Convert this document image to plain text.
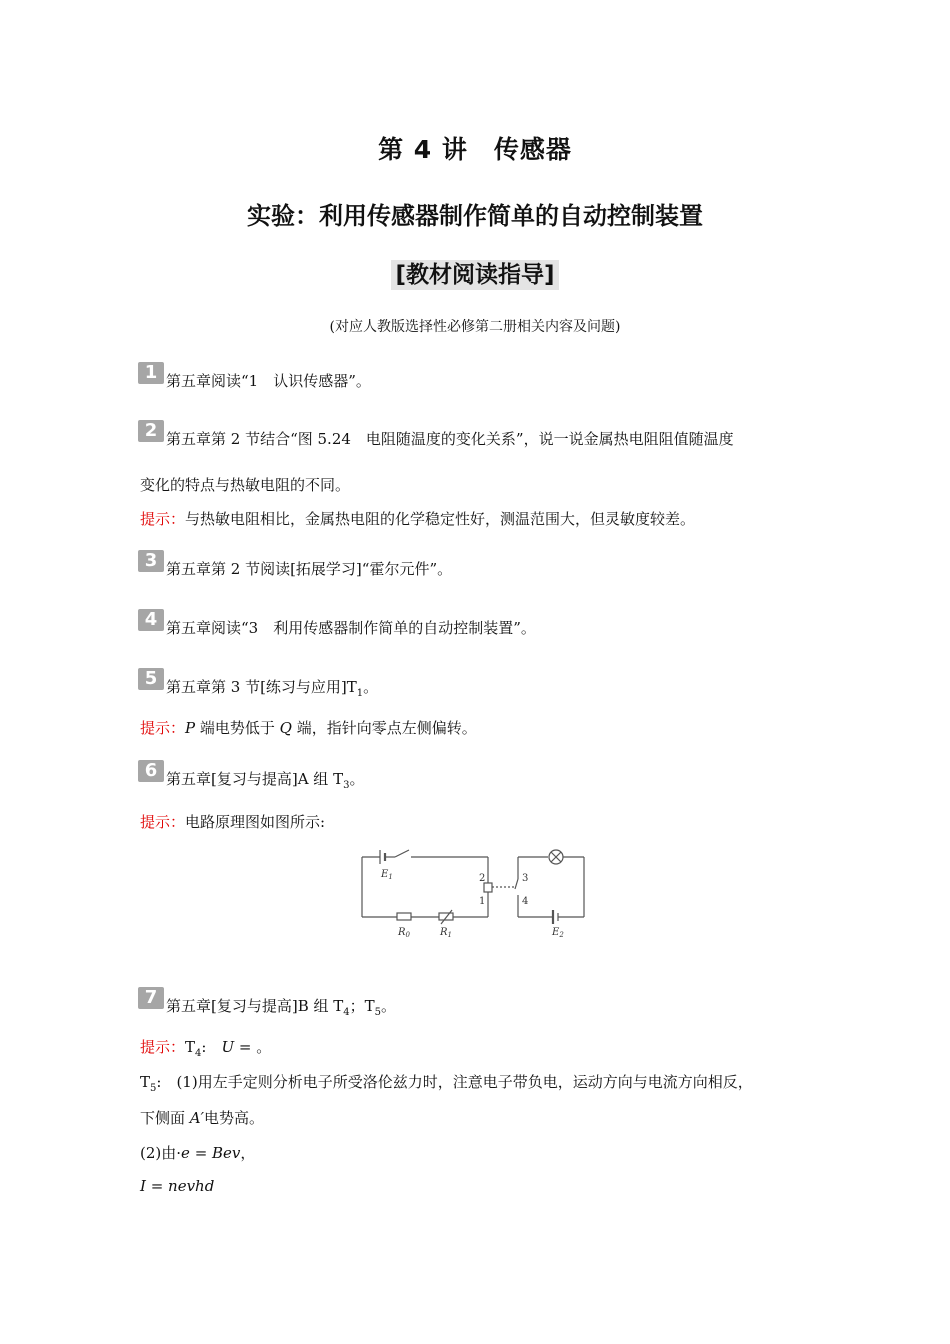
第 4 讲　传感器
实验：利用传感器制作简单的自动控制装置
[教材阅读指导]
(对应人教版选择性必修第二册相关内容及问题)
1 第五章阅读“1　认识传感器”。
2 第五章第 2 节结合“图 5.24　电阻随温度的变化关系”，说一说金属热电阻阻值随温度
变化的特点与热敏电阻的不同。
提示：与热敏电阻相比，金属热电阻的化学稳定性好，测温范围大，但灵敏度较差。
3 第五章第 2 节阅读[拓展学习]“霍尔元件”。
4 第五章阅读“3　利用传感器制作简单的自动控制装置”。
5 第五章第 3 节[练习与应用]$T_1$。
提示：P 端电势低于 Q 端，指针向零点左侧偏转。
6 第五章[复习与提高]A 组 $T_3$。
提示：电路原理图如图所示:
$E_1$
$R_0$	$R_1$	$E_2$
2
1
3
4
7 第五章[复习与提高]B 组 $T_4$；$T_5$。
提示：$T_4$:　U = 。
$T_5$:　(1)用左手定则分析电子所受洛伦兹力时，注意电子带负电，运动方向与电流方向相反，
下侧面 A′电势高。
(2)由·e = Bev，
I = nevhd
